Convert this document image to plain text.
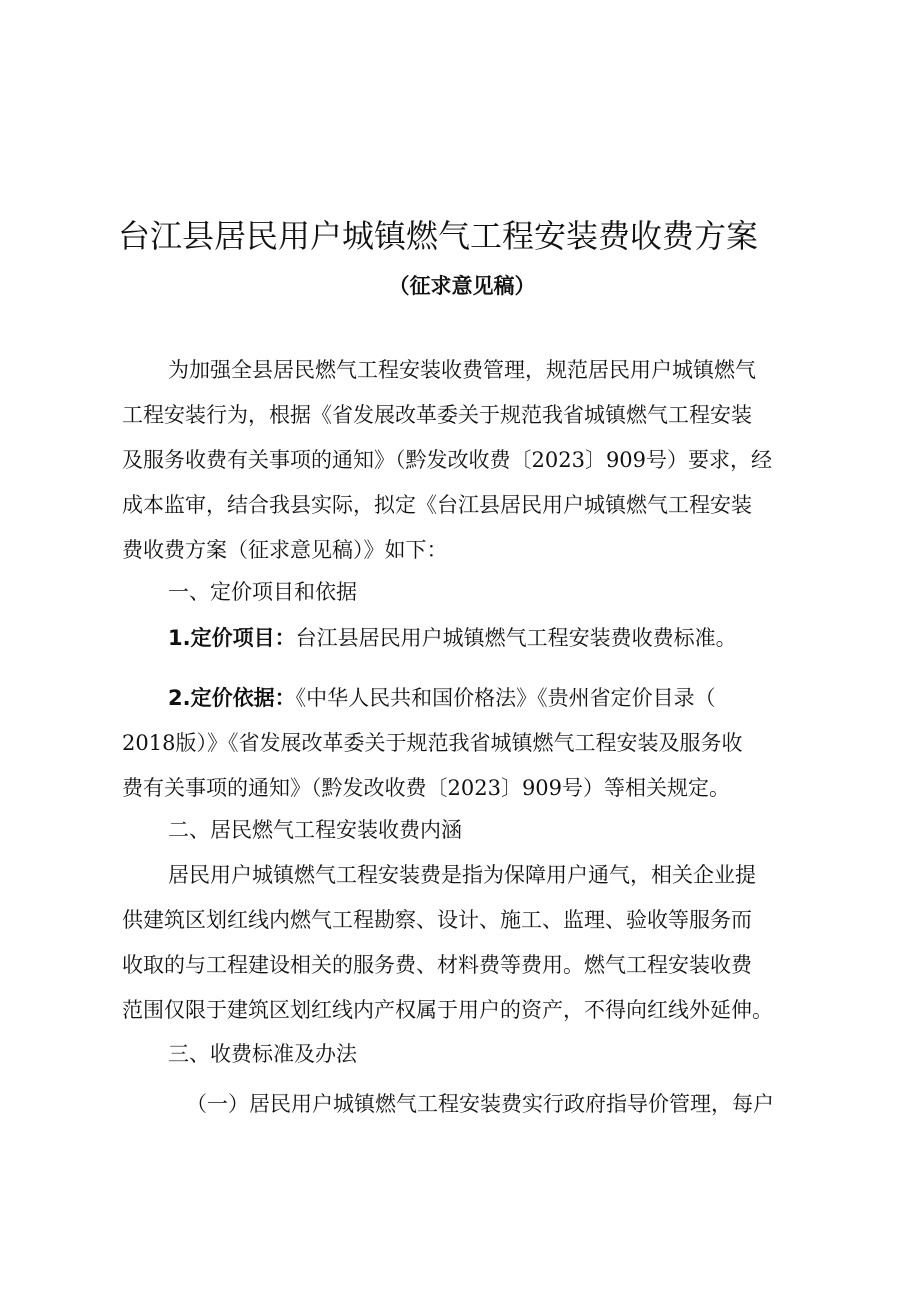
台江县居民用户城镇燃气工程安装费收费方案
（征求意见稿）
为加强全县居民燃气工程安装收费管理，规范居民用户城镇燃气
工程安装行为，根据《省发展改革委关于规范我省城镇燃气工程安装
及服务收费有关事项的通知》（黔发改收费〔2023〕909号）要求，经
成本监审，结合我县实际，拟定《台江县居民用户城镇燃气工程安装
费收费方案（征求意见稿）》如下：
一、定价项目和依据
1.定价项目：台江县居民用户城镇燃气工程安装费收费标准。
2.定价依据：《中华人民共和国价格法》《贵州省定价目录（
2018版）》《省发展改革委关于规范我省城镇燃气工程安装及服务收
费有关事项的通知》（黔发改收费〔2023〕909号）等相关规定。
二、居民燃气工程安装收费内涵
居民用户城镇燃气工程安装费是指为保障用户通气，相关企业提
供建筑区划红线内燃气工程勘察、设计、施工、监理、验收等服务而
收取的与工程建设相关的服务费、材料费等费用。燃气工程安装收费
范围仅限于建筑区划红线内产权属于用户的资产，不得向红线外延伸。
三、收费标准及办法
（一）居民用户城镇燃气工程安装费实行政府指导价管理，每户
